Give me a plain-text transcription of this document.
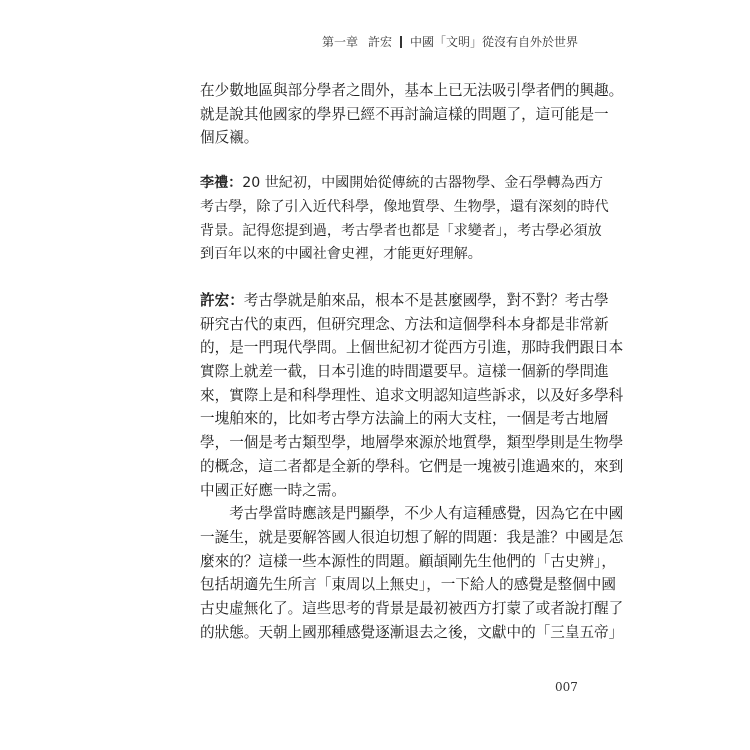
第一章 許宏 中國「文明」從沒有自外於世界

在少數地區與部分學者之間外，基本上已无法吸引學者們的興趣。
就是說其他國家的學界已經不再討論這樣的問題了，這可能是一
個反襯。

李禮：20 世紀初，中國開始從傳統的古器物學、金石學轉為西方
考古學，除了引入近代科學，像地質學、生物學，還有深刻的時代
背景。記得您提到過，考古學者也都是「求變者」，考古學必須放
到百年以來的中國社會史裡，才能更好理解。

許宏：考古學就是舶來品，根本不是甚麼國學，對不對？考古學
研究古代的東西，但研究理念、方法和這個學科本身都是非常新
的，是一門現代學問。上個世紀初才從西方引進，那時我們跟日本
實際上就差一截，日本引進的時間還要早。這樣一個新的學問進
來，實際上是和科學理性、追求文明認知這些訴求，以及好多學科
一塊舶來的，比如考古學方法論上的兩大支柱，一個是考古地層
學，一個是考古類型學，地層學來源於地質學，類型學則是生物學
的概念，這二者都是全新的學科。它們是一塊被引進過來的，來到
中國正好應一時之需。

考古學當時應該是門顯學，不少人有這種感覺，因為它在中國
一誕生，就是要解答國人很迫切想了解的問題：我是誰？中國是怎
麼來的？這樣一些本源性的問題。顧頡剛先生他們的「古史辨」，
包括胡適先生所言「東周以上無史」，一下給人的感覺是整個中國
古史虛無化了。這些思考的背景是最初被西方打蒙了或者說打醒了
的狀態。天朝上國那種感覺逐漸退去之後，文獻中的「三皇五帝」

007
